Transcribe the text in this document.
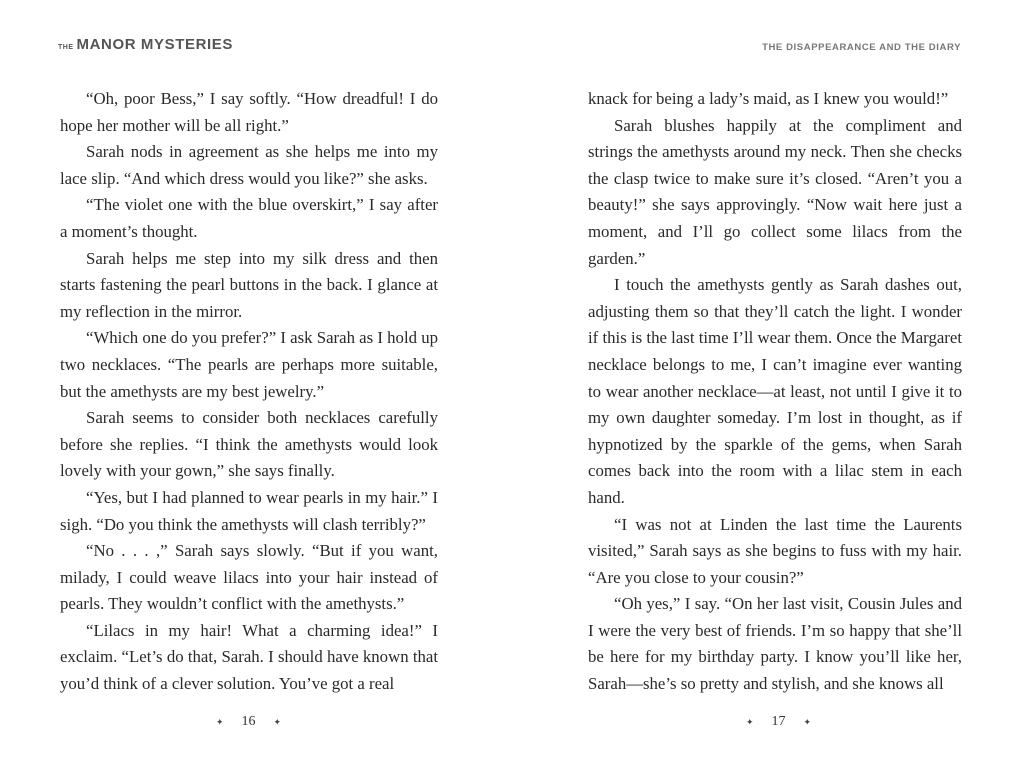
THE MANOR MYSTERIES

“Oh, poor Bess,” I say softly. “How dreadful! I do hope her mother will be all right.”

Sarah nods in agreement as she helps me into my lace slip. “And which dress would you like?” she asks.

“The violet one with the blue overskirt,” I say after a moment’s thought.

Sarah helps me step into my silk dress and then starts fastening the pearl buttons in the back. I glance at my reflection in the mirror.

“Which one do you prefer?” I ask Sarah as I hold up two necklaces. “The pearls are perhaps more suitable, but the amethysts are my best jewelry.”

Sarah seems to consider both necklaces carefully before she replies. “I think the amethysts would look lovely with your gown,” she says finally.

“Yes, but I had planned to wear pearls in my hair.” I sigh. “Do you think the amethysts will clash terribly?”

“No . . . ,” Sarah says slowly. “But if you want, milady, I could weave lilacs into your hair instead of pearls. They wouldn’t conflict with the amethysts.”

“Lilacs in my hair! What a charming idea!” I exclaim. “Let’s do that, Sarah. I should have known that you’d think of a clever solution. You’ve got a real

✦ 16 ✦
THE DISAPPEARANCE AND THE DIARY

knack for being a lady’s maid, as I knew you would!”

Sarah blushes happily at the compliment and strings the amethysts around my neck. Then she checks the clasp twice to make sure it’s closed. “Aren’t you a beauty!” she says approvingly. “Now wait here just a moment, and I’ll go collect some lilacs from the garden.”

I touch the amethysts gently as Sarah dashes out, adjusting them so that they’ll catch the light. I wonder if this is the last time I’ll wear them. Once the Margaret necklace belongs to me, I can’t imagine ever wanting to wear another necklace—at least, not until I give it to my own daughter someday. I’m lost in thought, as if hypnotized by the sparkle of the gems, when Sarah comes back into the room with a lilac stem in each hand.

“I was not at Linden the last time the Laurents visited,” Sarah says as she begins to fuss with my hair. “Are you close to your cousin?”

“Oh yes,” I say. “On her last visit, Cousin Jules and I were the very best of friends. I’m so happy that she’ll be here for my birthday party. I know you’ll like her, Sarah—she’s so pretty and stylish, and she knows all

✦ 17 ✦
